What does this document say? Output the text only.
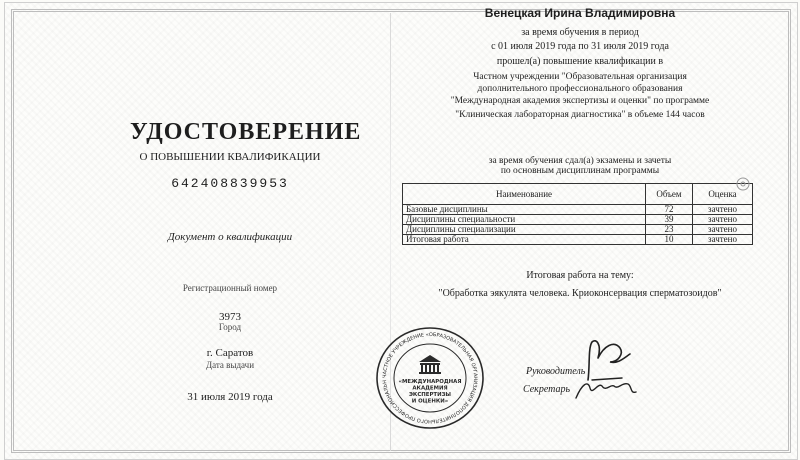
УДОСТОВЕРЕНИЕ
О ПОВЫШЕНИИ КВАЛИФИКАЦИИ
642408839953
Документ о квалификации
Регистрационный номер
3973
Город
г. Саратов
Дата выдачи
31 июля 2019 года
Венецкая Ирина Владимировна
за время обучения в период
с 01 июля 2019 года по 31 июля 2019 года
прошел(а) повышение квалификации в
Частном учреждении "Образовательная организация
дополнительного профессионального образования
"Международная академия экспертизы и оценки" по программе
"Клиническая лабораторная диагностика" в объеме 144 часов
за время обучения сдал(а) экзамены и зачеты
по основным дисциплинам программы
Наименование	Объем	Оценка
Базовые дисциплины	72	зачтено
Дисциплины специальности	39	зачтено
Дисциплины специализации	23	зачтено
Итоговая работа	10	зачтено
Итоговая работа на тему:
"Обработка эякулята человека. Криоконсервация сперматозоидов"
ЧАСТНОЕ УЧРЕЖДЕНИЕ «ОБРАЗОВАТЕЛЬНАЯ ОРГАНИЗАЦИЯ ДОПОЛНИТЕЛЬНОГО ПРОФЕССИОНАЛЬН	«МЕЖДУНАРОДНАЯ
АКАДЕМИЯ
ЭКСПЕРТИЗЫ
И ОЦЕНКИ»
Руководитель
Секретарь
